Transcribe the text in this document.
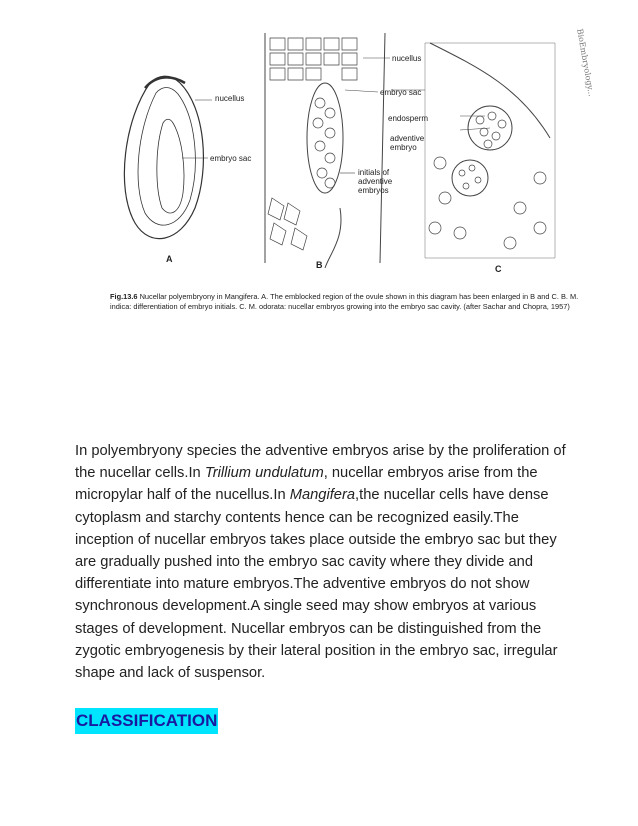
nucellus
embryo sac
nucellus
embryo sac
endosperm
adventive embryo
initials of adventive embryos
A
B	C
BioEmbryology...
Fig.13.6 Nucellar polyembryony in Mangifera. A. The emblocked region of the ovule shown in this diagram has been enlarged in B and C. B. M. indica: differentiation of embryo initials. C. M. odorata: nucellar embryos growing into the embryo sac cavity. (after Sachar and Chopra, 1957)

In polyembryony species the adventive embryos arise by the proliferation of the nucellar cells.In Trillium undulatum, nucellar embryos arise from the micropylar half of the nucellus.In Mangifera,the nucellar cells have dense cytoplasm and starchy contents hence can be recognized easily.The inception of nucellar embryos takes place outside the embryo sac but they are gradually pushed into the embryo sac cavity where they divide and differentiate into mature embryos.The adventive embryos do not show synchronous development.A single seed may show embryos at various stages of development. Nucellar embryos can be distinguished from the zygotic embryogenesis by their lateral position in the embryo sac, irregular shape and lack of suspensor.

CLASSIFICATION
